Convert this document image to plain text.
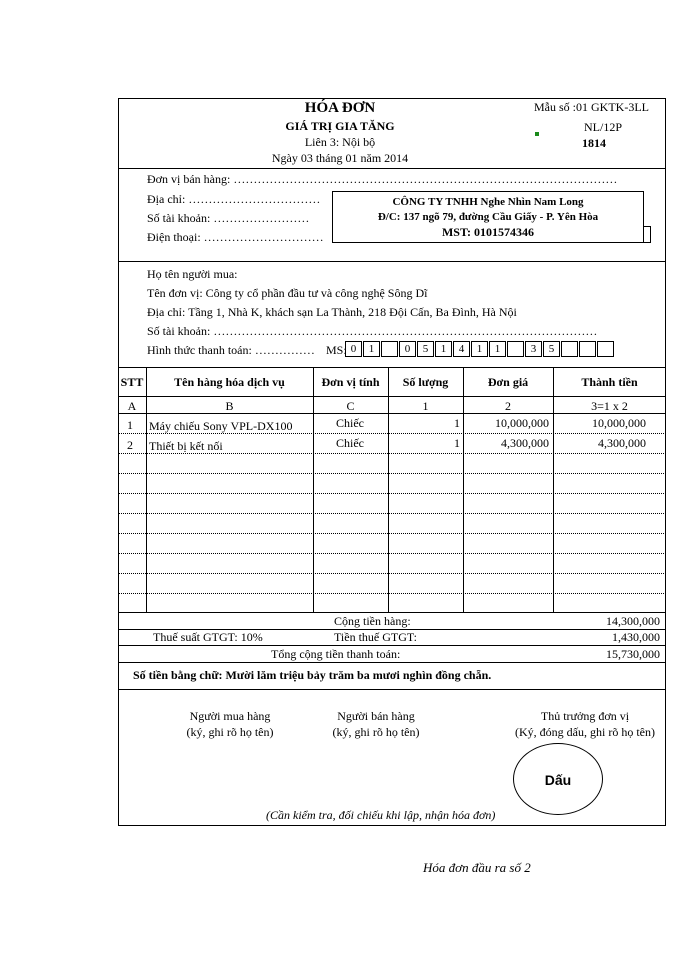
HÓA ĐƠN
GIÁ TRỊ GIA TĂNG
Liên 3: Nội bộ
Ngày 03 tháng 01 năm 2014
Mẫu số :01 GKTK-3LL
NL/12P
1814
Đơn vị bán hàng: ……………………………………………………………………………………
Địa chỉ: ……………………………
Số tài khoản: ……………………
Điện thoại: …………………………
CÔNG TY TNHH Nghe Nhìn Nam Long
Đ/C: 137 ngõ 79, đường Cầu Giấy - P. Yên Hòa
MST: 0101574346
Họ tên người mua:
Tên đơn vị: Công ty cổ phần đầu tư và công nghệ Sông Dĩ
Địa chỉ: Tầng 1, Nhà K, khách sạn La Thành, 218 Đội Cấn, Ba Đình, Hà Nội
Số tài khoản: ……………………………………………………………………………………
Hình thức thanh toán: …………… MS: 0	1	0	5	1	4	1	1	3	5
STT	Tên hàng hóa dịch vụ	Đơn vị tính	Số lượng	Đơn giá	Thành tiền
A	B	C	1	2	3=1 x 2
1 Máy chiếu Sony VPL-DX100	Chiếc	1	10,000,000	10,000,000
2 Thiết bị kết nối	Chiếc	1	4,300,000	4,300,000
Cộng tiền hàng:	14,300,000
Thuế suất GTGT: 10%	Tiền thuế GTGT:	1,430,000
Tổng cộng tiền thanh toán:	15,730,000
Số tiền bằng chữ: Mười lăm triệu bảy trăm ba mươi nghìn đồng chẵn.
Người mua hàng
(ký, ghi rõ họ tên)
Người bán hàng
(ký, ghi rõ họ tên)
Thủ trưởng đơn vị
(Ký, đóng dấu, ghi rõ họ tên)
Dấu
(Cần kiểm tra, đối chiếu khi lập, nhận hóa đơn)
Hóa đơn đầu ra số 2
